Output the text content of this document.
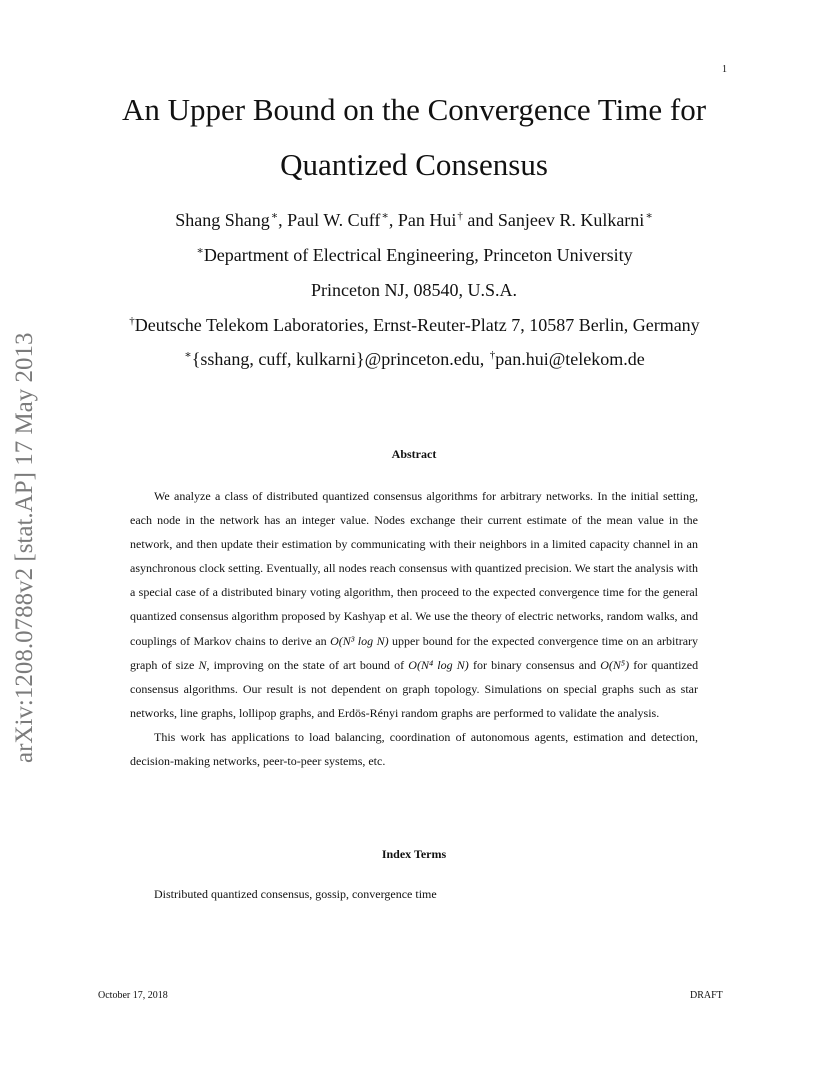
1
arXiv:1208.0788v2 [stat.AP] 17 May 2013
An Upper Bound on the Convergence Time for
Quantized Consensus
Shang Shang∗, Paul W. Cuff∗, Pan Hui† and Sanjeev R. Kulkarni∗
∗Department of Electrical Engineering, Princeton University
Princeton NJ, 08540, U.S.A.
†Deutsche Telekom Laboratories, Ernst-Reuter-Platz 7, 10587 Berlin, Germany
∗{sshang, cuff, kulkarni}@princeton.edu, †pan.hui@telekom.de
Abstract

We analyze a class of distributed quantized consensus algorithms for arbitrary networks. In the initial setting, each node in the network has an integer value. Nodes exchange their current estimate of the mean value in the network, and then update their estimation by communicating with their neighbors in a limited capacity channel in an asynchronous clock setting. Eventually, all nodes reach consensus with quantized precision. We start the analysis with a special case of a distributed binary voting algorithm, then proceed to the expected convergence time for the general quantized consensus algorithm proposed by Kashyap et al. We use the theory of electric networks, random walks, and couplings of Markov chains to derive an O(N³ log N) upper bound for the expected convergence time on an arbitrary graph of size N, improving on the state of art bound of O(N⁴ log N) for binary consensus and O(N⁵) for quantized consensus algorithms. Our result is not dependent on graph topology. Simulations on special graphs such as star networks, line graphs, lollipop graphs, and Erdös-Rényi random graphs are performed to validate the analysis.

This work has applications to load balancing, coordination of autonomous agents, estimation and detection, decision-making networks, peer-to-peer systems, etc.

Index Terms
Distributed quantized consensus, gossip, convergence time
October 17, 2018	DRAFT
